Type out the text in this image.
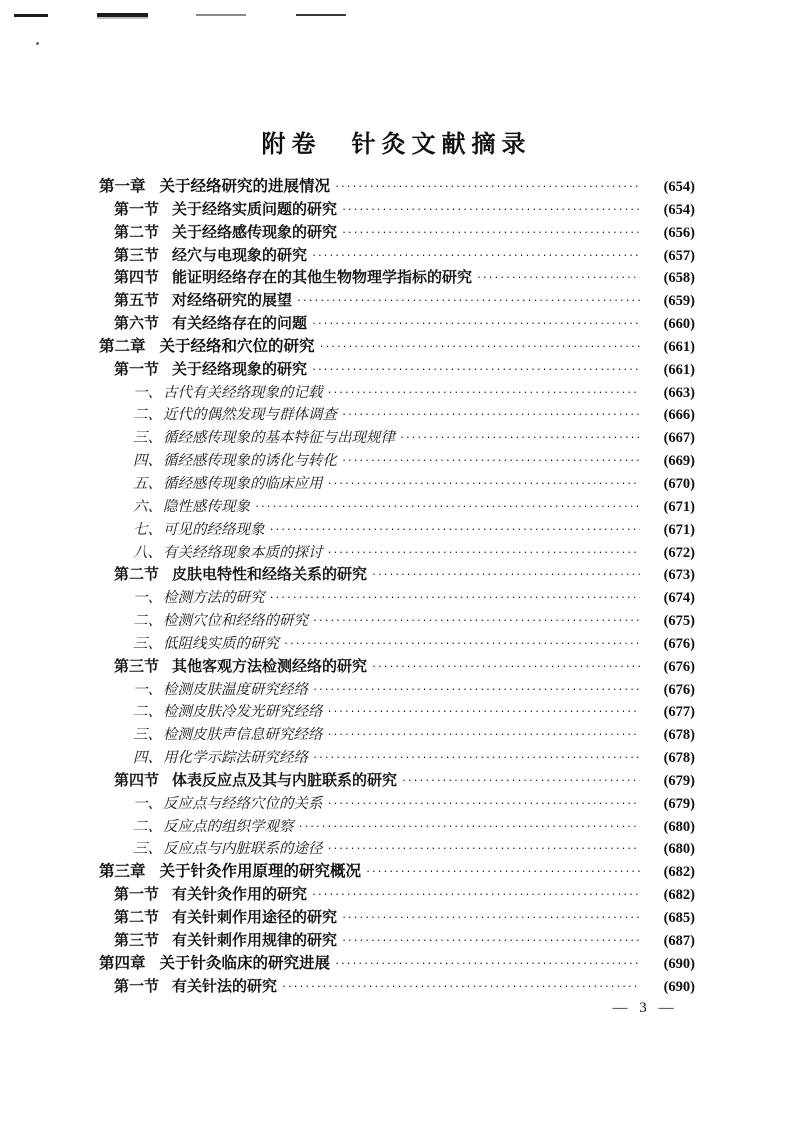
附卷　针灸文献摘录
第一章 关于经络研究的进展情况 ·····	(654)
第一节 关于经络实质问题的研究 ·····	(654)
第二节 关于经络感传现象的研究 ·····	(656)
第三节 经穴与电现象的研究 ·····	(657)
第四节 能证明经络存在的其他生物物理学指标的研究 ·····	(658)
第五节 对经络研究的展望 ·····	(659)
第六节 有关经络存在的问题 ·····	(660)
第二章 关于经络和穴位的研究 ·····	(661)
第一节 关于经络现象的研究 ·····	(661)
一、 古代有关经络现象的记载 ·····	(663)
二、 近代的偶然发现与群体调查 ·····	(666)
三、 循经感传现象的基本特征与出现规律 ·····	(667)
四、 循经感传现象的诱化与转化 ·····	(669)
五、 循经感传现象的临床应用 ·····	(670)
六、 隐性感传现象 ·····	(671)
七、 可见的经络现象 ·····	(671)
八、 有关经络现象本质的探讨 ·····	(672)
第二节 皮肤电特性和经络关系的研究 ·····	(673)
一、 检测方法的研究 ·····	(674)
二、 检测穴位和经络的研究 ·····	(675)
三、 低阻线实质的研究 ·····	(676)
第三节 其他客观方法检测经络的研究 ·····	(676)
一、 检测皮肤温度研究经络 ·····	(676)
二、 检测皮肤冷发光研究经络 ·····	(677)
三、 检测皮肤声信息研究经络 ·····	(678)
四、 用化学示踪法研究经络 ·····	(678)
第四节 体表反应点及其与内脏联系的研究 ·····	(679)
一、 反应点与经络穴位的关系 ·····	(679)
二、 反应点的组织学观察 ·····	(680)
三、 反应点与内脏联系的途径 ·····	(680)
第三章 关于针灸作用原理的研究概况 ·····	(682)
第一节 有关针灸作用的研究 ·····	(682)
第二节 有关针刺作用途径的研究 ·····	(685)
第三节 有关针刺作用规律的研究 ·····	(687)
第四章 关于针灸临床的研究进展 ·····	(690)
第一节 有关针法的研究 ·····	(690)
— 3 —
